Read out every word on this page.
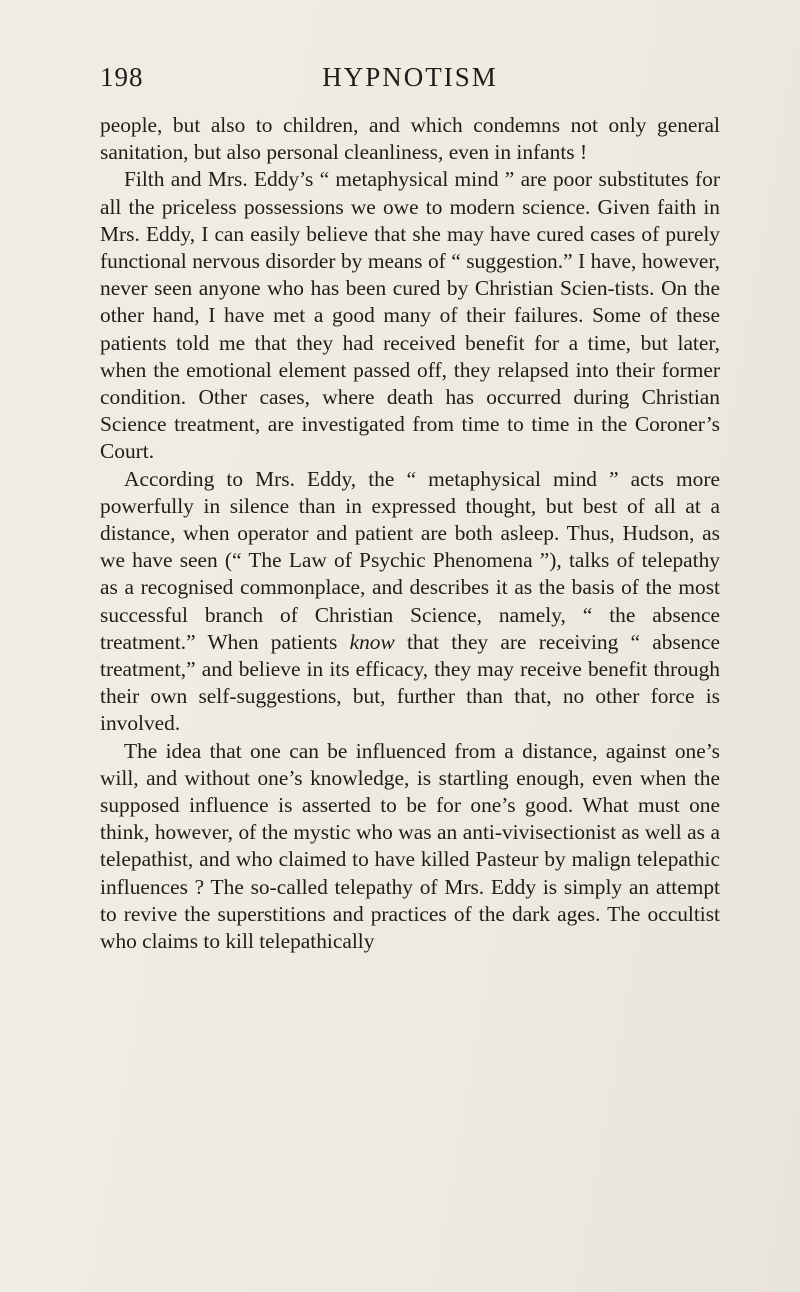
198	HYPNOTISM

people, but also to children, and which condemns not only general sanitation, but also personal cleanliness, even in infants !

Filth and Mrs. Eddy’s “ metaphysical mind ” are poor substitutes for all the priceless possessions we owe to modern science. Given faith in Mrs. Eddy, I can easily believe that she may have cured cases of purely functional nervous disorder by means of “ suggestion.” I have, however, never seen anyone who has been cured by Christian Scien-tists. On the other hand, I have met a good many of their failures. Some of these patients told me that they had received benefit for a time, but later, when the emotional element passed off, they relapsed into their former condition. Other cases, where death has occurred during Christian Science treatment, are investigated from time to time in the Coroner’s Court.

According to Mrs. Eddy, the “ metaphysical mind ” acts more powerfully in silence than in expressed thought, but best of all at a distance, when operator and patient are both asleep. Thus, Hudson, as we have seen (“ The Law of Psychic Phenomena ”), talks of telepathy as a recognised commonplace, and describes it as the basis of the most successful branch of Christian Science, namely, “ the absence treatment.” When patients know that they are receiving “ absence treatment,” and believe in its efficacy, they may receive benefit through their own self-suggestions, but, further than that, no other force is involved.

The idea that one can be influenced from a distance, against one’s will, and without one’s knowledge, is startling enough, even when the supposed influence is asserted to be for one’s good. What must one think, however, of the mystic who was an anti-vivisectionist as well as a telepathist, and who claimed to have killed Pasteur by malign telepathic influences ? The so-called telepathy of Mrs. Eddy is simply an attempt to revive the superstitions and practices of the dark ages. The occultist who claims to kill telepathically
